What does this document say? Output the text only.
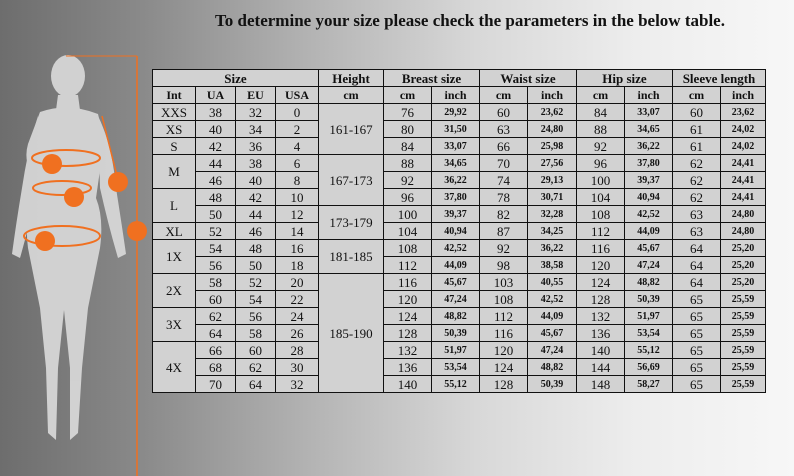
To determine your size please check the parameters in the below table.
Size				Height	Breast size		Waist size		Hip size		Sleeve length	
Int	UA	EU	USA	cm	cm	inch	cm	inch	cm	inch	cm	inch
XXS	38	32	0	161-167	76	29,92	60	23,62	84	33,07	60	23,62
XS	40	34	2		80	31,50	63	24,80	88	34,65	61	24,02
S	42	36	4		84	33,07	66	25,98	92	36,22	61	24,02
M	44	38	6	167-173	88	34,65	70	27,56	96	37,80	62	24,41
	46	40	8		92	36,22	74	29,13	100	39,37	62	24,41
L	48	42	10		96	37,80	78	30,71	104	40,94	62	24,41
	50	44	12	173-179	100	39,37	82	32,28	108	42,52	63	24,80
XL	52	46	14		104	40,94	87	34,25	112	44,09	63	24,80
1X	54	48	16	181-185	108	42,52	92	36,22	116	45,67	64	25,20
	56	50	18		112	44,09	98	38,58	120	47,24	64	25,20
2X	58	52	20	185-190	116	45,67	103	40,55	124	48,82	64	25,20
	60	54	22		120	47,24	108	42,52	128	50,39	65	25,59
3X	62	56	24		124	48,82	112	44,09	132	51,97	65	25,59
	64	58	26		128	50,39	116	45,67	136	53,54	65	25,59
4X	66	60	28		132	51,97	120	47,24	140	55,12	65	25,59
	68	62	30		136	53,54	124	48,82	144	56,69	65	25,59
	70	64	32		140	55,12	128	50,39	148	58,27	65	25,59
